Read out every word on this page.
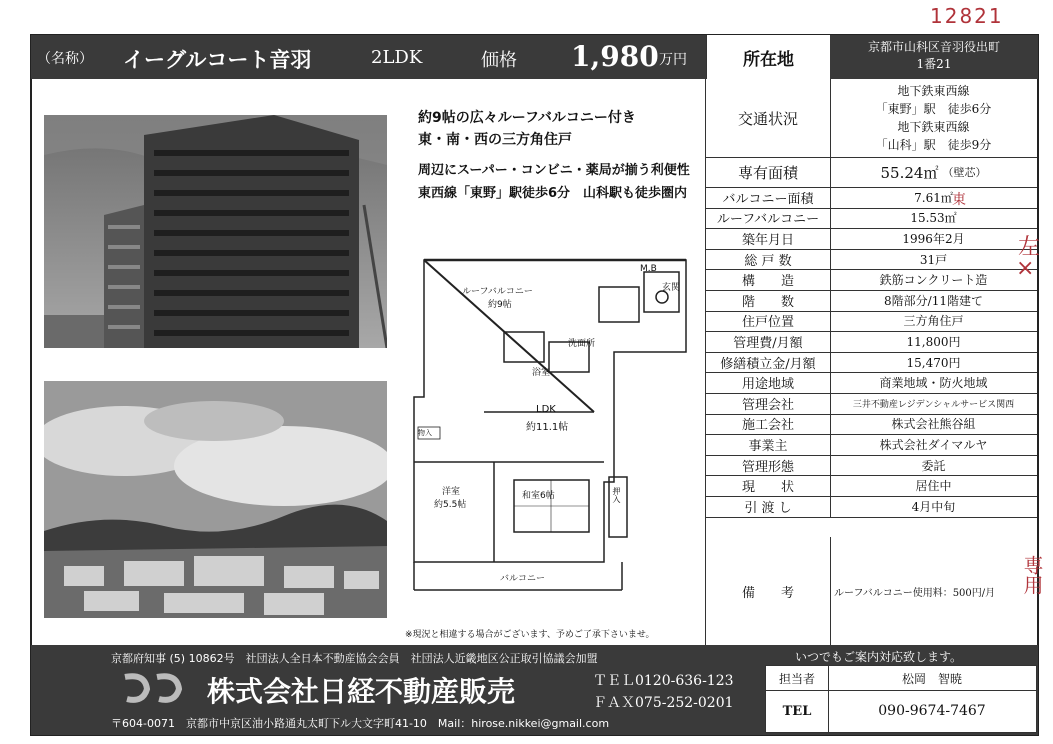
12821
（名称） イーグルコート音羽	2LDK	価格 1,980 万円	所在地
京都市山科区音羽役出町
1番21
約9帖の広々ルーフバルコニー付き
東・南・西の三方角住戸
周辺にスーパー・コンビニ・薬局が揃う利便性
東西線「東野」駅徒歩6分　山科駅も徒歩圏内
ルーフバルコニー
約9帖
M.B
玄関
洗面所
浴室
LDK
約11.1帖
物入
洋室
約5.5帖
和室6帖	押入
バルコニー
※現況と相違する場合がございます、予めご了承下さいませ。
交通状況
地下鉄東西線
「東野」駅　徒歩6分
地下鉄東西線
「山科」駅　徒歩9分
専有面積	55.24㎡ （壁芯）
バルコニー面積	7.61㎡
ルーフバルコニー	15.53㎡
築年月日	1996年2月
総 戸 数	31戸
構　　造	鉄筋コンクリート造
階　　数	8階部分/11階建て
住戸位置	三方角住戸
管理費/月額	11,800円
修繕積立金/月額	15,470円
用途地域	商業地域・防火地域
管理会社	三井不動産レジデンシャルサービス関西
施工会社	株式会社熊谷組
事業主	株式会社ダイマルヤ
管理形態	委託
現　　状	居住中
引 渡 し	4月中旬
備　　考	ルーフバルコニー使用料：500円/月
東
左
×
専用
京都府知事 (5) 10862号　社団法人全日本不動産協会会員　社団法人近畿地区公正取引協議会加盟
株式会社日経不動産販売	ＴＥＬ0120-636-123
ＦＡＸ075-252-0201
〒604-0071　京都市中京区油小路通丸太町下ル大文字町41-10　Mail：hirose.nikkei@gmail.com
いつでもご案内対応致します。
担当者	松岡　智暁
TEL	090-9674-7467
